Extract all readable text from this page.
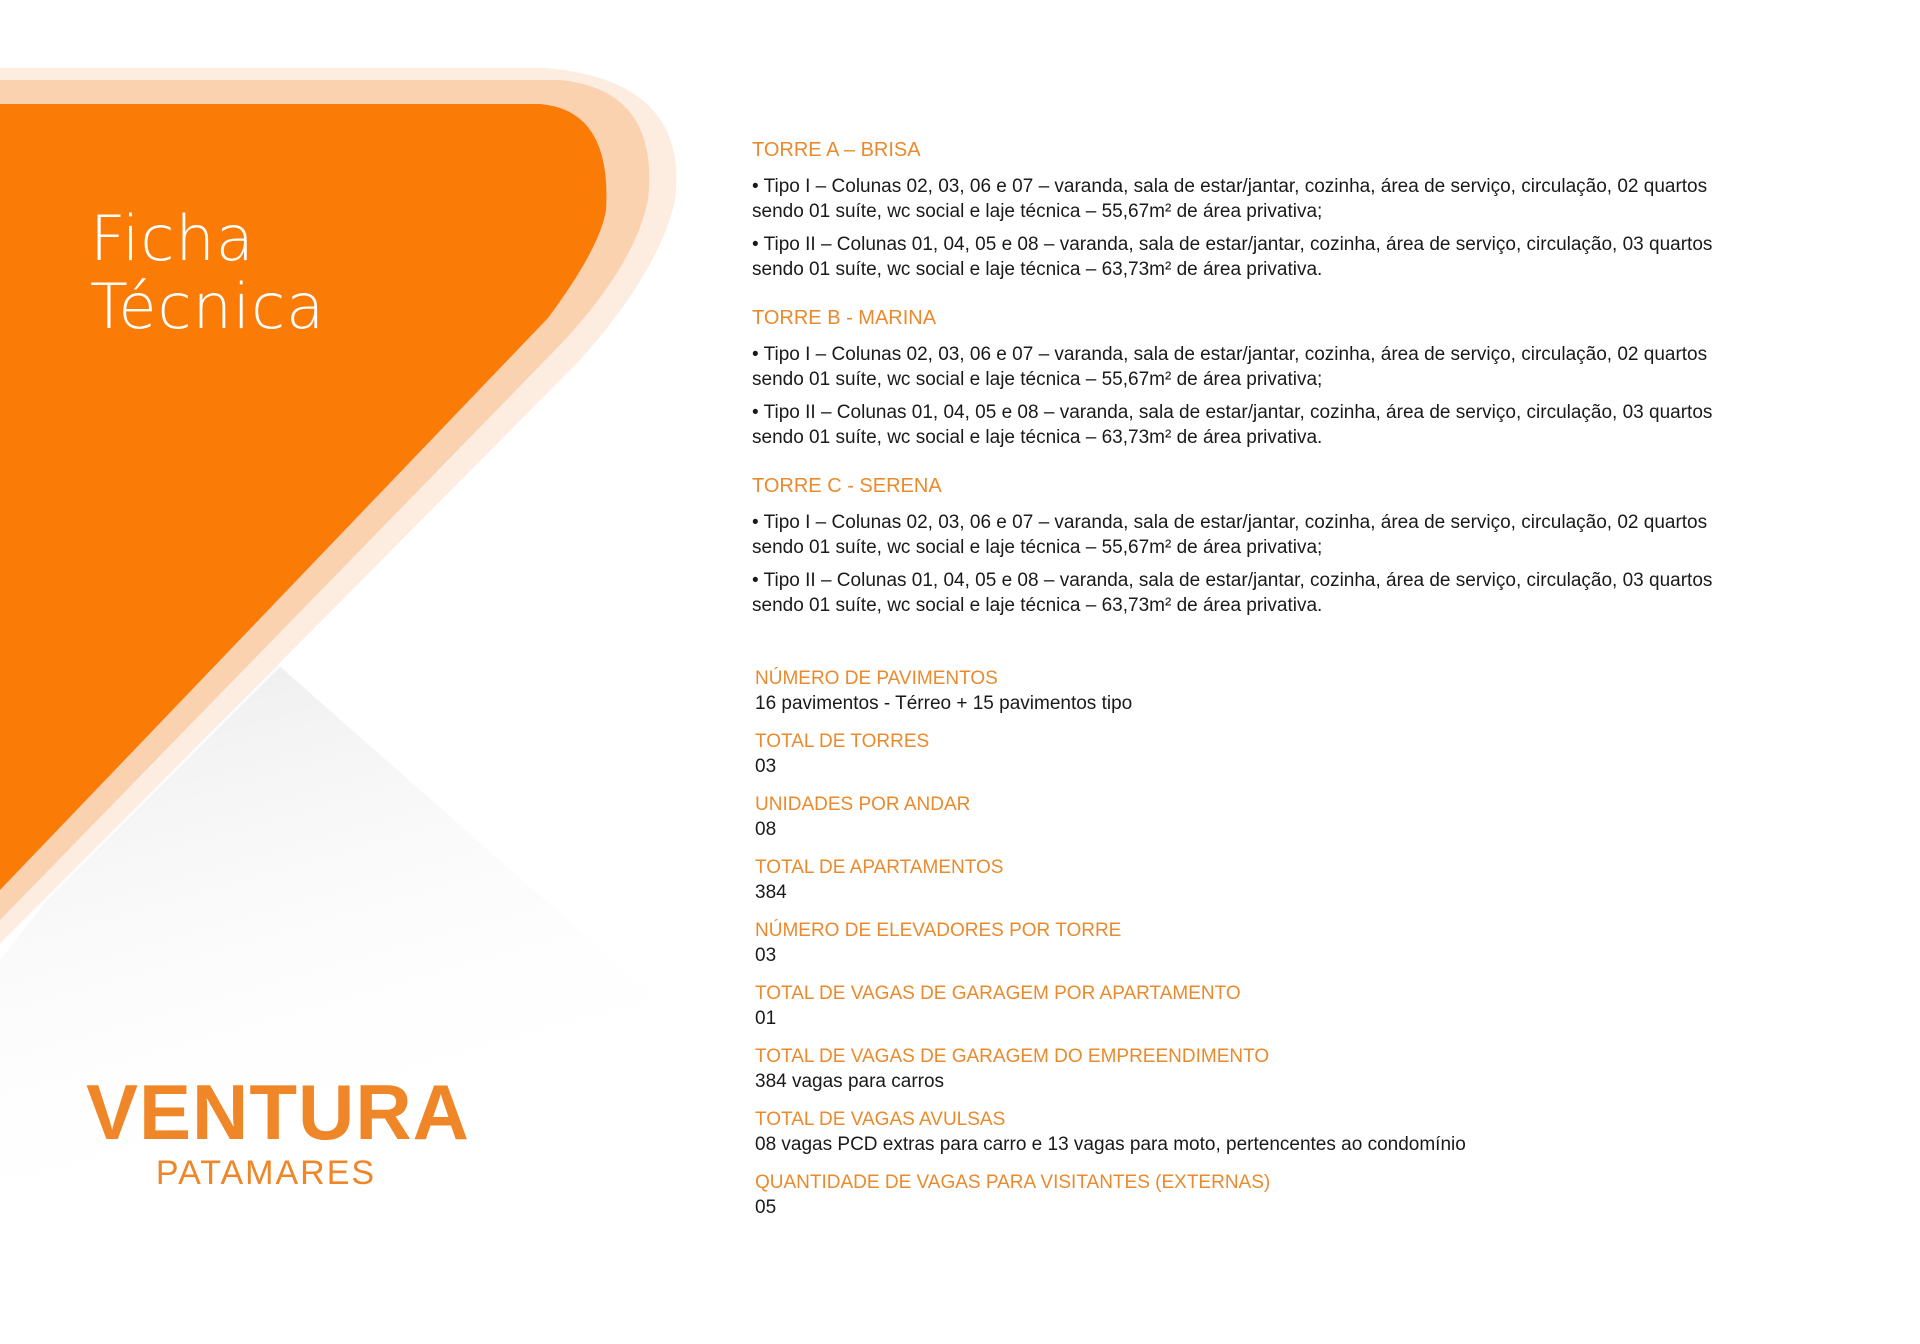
Ficha
Técnica
VENTURA
PATAMARES
TORRE A – BRISA
• Tipo I – Colunas 02, 03, 06 e 07 – varanda, sala de estar/jantar, cozinha, área de serviço, circulação, 02 quartos sendo 01 suíte, wc social e laje técnica – 55,67m² de área privativa;
• Tipo II – Colunas 01, 04, 05 e 08 – varanda, sala de estar/jantar, cozinha, área de serviço, circulação, 03 quartos sendo 01 suíte, wc social e laje técnica – 63,73m² de área privativa.
TORRE B - MARINA
• Tipo I – Colunas 02, 03, 06 e 07 – varanda, sala de estar/jantar, cozinha, área de serviço, circulação, 02 quartos sendo 01 suíte, wc social e laje técnica – 55,67m² de área privativa;
• Tipo II – Colunas 01, 04, 05 e 08 – varanda, sala de estar/jantar, cozinha, área de serviço, circulação, 03 quartos sendo 01 suíte, wc social e laje técnica – 63,73m² de área privativa.
TORRE C - SERENA
• Tipo I – Colunas 02, 03, 06 e 07 – varanda, sala de estar/jantar, cozinha, área de serviço, circulação, 02 quartos sendo 01 suíte, wc social e laje técnica – 55,67m² de área privativa;
• Tipo II – Colunas 01, 04, 05 e 08 – varanda, sala de estar/jantar, cozinha, área de serviço, circulação, 03 quartos sendo 01 suíte, wc social e laje técnica – 63,73m² de área privativa.
NÚMERO DE PAVIMENTOS
16 pavimentos - Térreo + 15 pavimentos tipo
TOTAL DE TORRES
03
UNIDADES POR ANDAR
08
TOTAL DE APARTAMENTOS
384
NÚMERO DE ELEVADORES POR TORRE
03
TOTAL DE VAGAS DE GARAGEM POR APARTAMENTO
01
TOTAL DE VAGAS DE GARAGEM DO EMPREENDIMENTO
384 vagas para carros
TOTAL DE VAGAS AVULSAS
08 vagas PCD extras para carro e 13 vagas para moto, pertencentes ao condomínio
QUANTIDADE DE VAGAS PARA VISITANTES (EXTERNAS)
05
